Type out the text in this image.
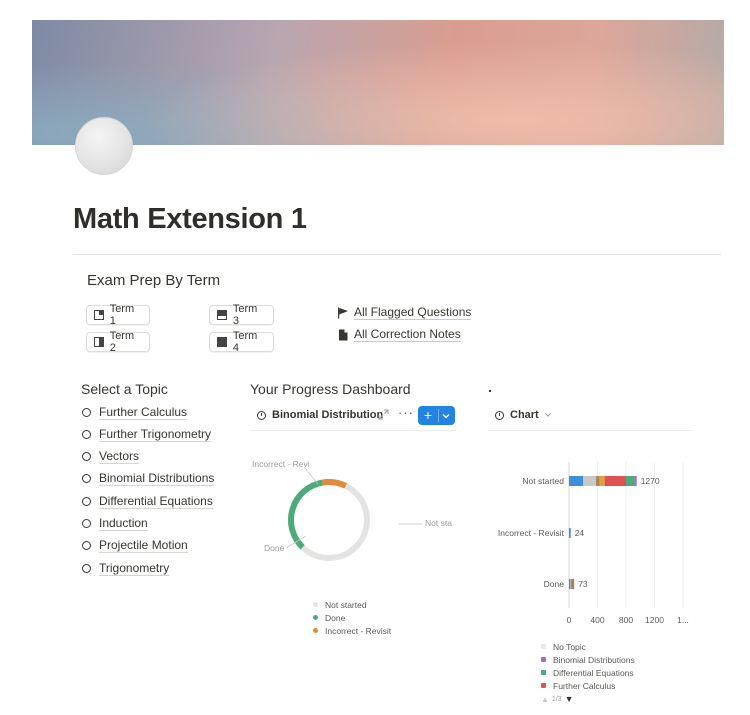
Math Extension 1
Exam Prep By Term
Term 1
Term 2
Term 3
Term 4
All Flagged Questions
All Correction Notes
Select a Topic
Further Calculus
Further Trigonometry
Vectors
Binomial Distributions
Differential Equations
Induction
Projectile Motion
Trigonometry
Your Progress Dashboard
Binomial Distribution ··· +
Incorrect - Revi
Not sta
Done
Not started
Done
Incorrect - Revisit
.
Chart
0 400 800 1200 1...
Not started	1270
Incorrect - Revisit 24
Done 73
No Topic
Binomial Distributions
Differential Equations
Further Calculus
▲ 1/3 ▼
